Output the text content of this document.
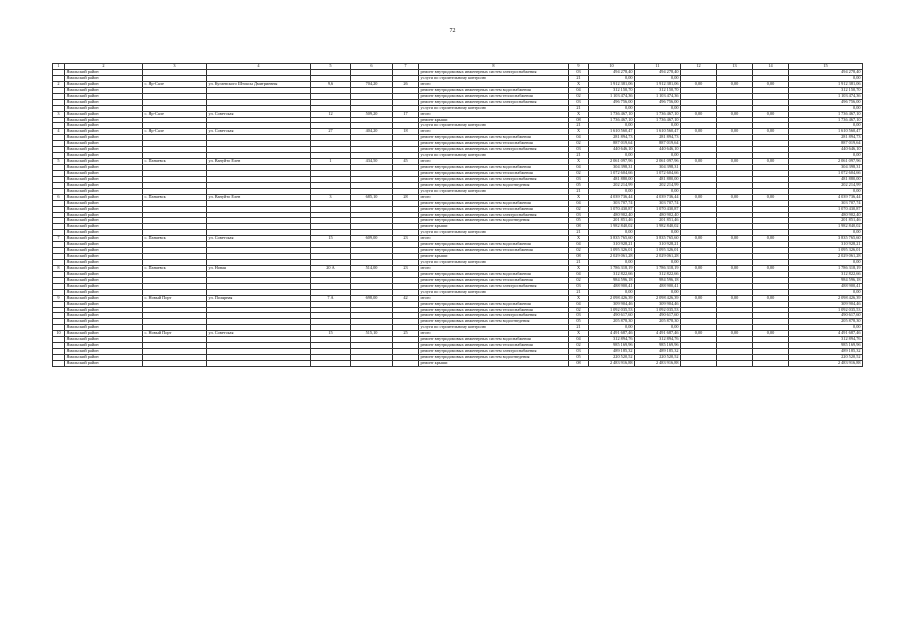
72
1	2	3	4	5	6	7	8	9	10	11	12	13	14	15
	Ямальский район						ремонт внутридомовых инженерных систем электроснабжения	03	494 278,40	494 278,40				494 278,40
	Ямальский район						услуги по строительному контролю	21	0,00	0,00				0,00
2	Ямальский район	с. Яр-Сале	ул. Кугаевского Штоксы Дмитриевны	9,6	704,20	26	итого	X	1 912 381,06	1 912 381,06	0,00	0,00	0,00	1 912 381,06
	Ямальский район						ремонт внутридомовых инженерных систем водоснабжения	04	312 150,70	312 150,70				312 150,70
	Ямальский район						ремонт внутридомовых инженерных систем теплоснабжения	02	1 103 474,36	1 103 474,36				1 103 474,36
	Ямальский район						ремонт внутридомовых инженерных систем электроснабжения	03	496 756,00	496 756,00				496 756,00
	Ямальский район						услуги по строительному контролю	21	0,00	0,00				0,00
3	Ямальский район	с. Яр-Сале	ул. Советская	12	509,20	17	итого	X	1 736 467,10	1 736 467,10	0,00	0,00	0,00	1 736 467,10
	Ямальский район						ремонт крыши	08	1 736 467,10	1 736 467,10				1 736 467,10
	Ямальский район						услуги по строительному контролю	21	0,00	0,00				0,00
4	Ямальский район	с. Яр-Сале	ул. Советская	27	404,20	18	итого	X	1 610 560,47	1 610 560,47	0,00	0,00	0,00	1 610 560,47
	Ямальский район						ремонт внутридомовых инженерных систем водоснабжения	04	281 894,73	281 894,73				281 894,73
	Ямальский район						ремонт внутридомовых инженерных систем теплоснабжения	02	887 019,64	887 019,64				887 019,64
	Ямальский район						ремонт внутридомовых инженерных систем электроснабжения	03	440 646,10	440 646,10				440 646,10
	Ямальский район						услуги по строительному контролю	21	0,00	0,00				0,00
5	Ямальский район	с. Панаевск	ул. Вануйто Елен	1	434,50	45	итого	X	2 061 097,96	2 061 097,96	0,00	0,00	0,00	2 061 097,96
	Ямальский район						ремонт внутридомовых инженерных систем водоснабжения	04	304 398,31	304 398,31				304 398,31
	Ямальский район						ремонт внутридомовых инженерных систем теплоснабжения	02	1 072 604,66	1 072 604,66				1 072 604,66
	Ямальский район						ремонт внутридомовых инженерных систем электроснабжения	03	481 880,00	481 880,00				481 880,00
	Ямальский район						ремонт внутридомовых инженерных систем водоотведения	05	202 214,99	202 214,99				202 214,99
	Ямальский район						услуги по строительному контролю	21	0,00	0,00				0,00
6	Ямальский район	с. Панаевск	ул. Вануйто Елен	3	685,10	28	итого	X	4 039 736,44	4 039 736,44	0,00	0,00	0,00	4 039 736,44
	Ямальский район						ремонт внутридомовых инженерных систем водоснабжения	04	303 707,74	303 707,74				303 707,74
	Ямальский район						ремонт внутридомовых инженерных систем теплоснабжения	02	1 070 430,87	1 070 430,87				1 070 430,87
	Ямальский район						ремонт внутридомовых инженерных систем электроснабжения	03	480 902,40	480 902,40				480 902,40
	Ямальский район						ремонт внутридомовых инженерных систем водоотведения	05	201 851,46	201 851,46				201 851,46
	Ямальский район						ремонт крыши	08	1 982 840,02	1 982 840,02				1 982 840,02
	Ямальский район						услуги по строительному контролю	21	0,00	0,00				0,00
7	Ямальский район	с. Панаевск	ул. Советская	15	609,00	23	итого	X	3 835 765,60	3 835 765,60	0,00	0,00	0,00	3 835 765,60
	Ямальский район						ремонт внутридомовых инженерных систем водоснабжения	04	310 928,21	310 928,21				310 928,21
	Ямальский район						ремонт внутридомовых инженерных систем теплоснабжения	02	1 095 326,01	1 095 326,01				1 095 326,01
	Ямальский район						ремонт крыши	08	2 029 061,28	2 029 061,28				2 029 061,28
	Ямальский район						услуги по строительному контролю	21	0,00	0,00				0,00
8	Ямальский район	с. Панаевск	ул. Новая	20 А	514,00	23	итого	X	1 786 318,19	1 786 318,19	0,00	0,00	0,00	1 786 318,19
	Ямальский район						ремонт внутридомовых инженерных систем водоснабжения	04	312 822,66	312 822,66				312 822,66
	Ямальский район						ремонт внутридомовых инженерных систем теплоснабжения	02	984 596,18	984 596,18				984 596,18
	Ямальский район						ремонт внутридомовых инженерных систем электроснабжения	03	488 900,41	488 900,41				488 900,41
	Ямальский район						услуги по строительному контролю	21	0,00	0,00				0,00
9	Ямальский район	с. Новый Порт	ул. Полярная	7 А	698,00	42	итого	X	2 098 426,39	2 098 426,39	0,00	0,00	0,00	2 098 426,39
	Ямальский район						ремонт внутридомовых инженерных систем водоснабжения	04	309 904,46	309 904,46				309 904,46
	Ямальский район						ремонт внутридомовых инженерных систем теплоснабжения	02	1 092 035,53	1 092 035,53				1 092 035,53
	Ямальский район						ремонт внутридомовых инженерных систем электроснабжения	03	490 617,60	490 617,60				490 617,60
	Ямальский район						ремонт внутридомовых инженерных систем водоотведения	05	205 878,30	205 878,30				205 878,30
	Ямальский район						услуги по строительному контролю	21	0,00	0,00				0,00
10	Ямальский район	с. Новый Порт	ул. Советская	15	515,10	25	итого	X	4 491 687,46	4 491 687,46	0,00	0,00	0,00	4 491 687,46
	Ямальский район						ремонт внутридомовых инженерных систем водоснабжения	04	312 894,76	312 894,76				312 894,76
	Ямальский район						ремонт внутридомовых инженерных систем теплоснабжения	02	985 169,96	985 169,96				985 169,96
	Ямальский район						ремонт внутридомовых инженерных систем электроснабжения	03	489 185,32	489 185,32				489 185,32
	Ямальский район						ремонт внутридомовых инженерных систем водоотведения	05	220 520,52	220 520,52				220 520,52
	Ямальский район						ремонт крыши	08	2 483 916,88	2 483 916,88				2 483 916,88
